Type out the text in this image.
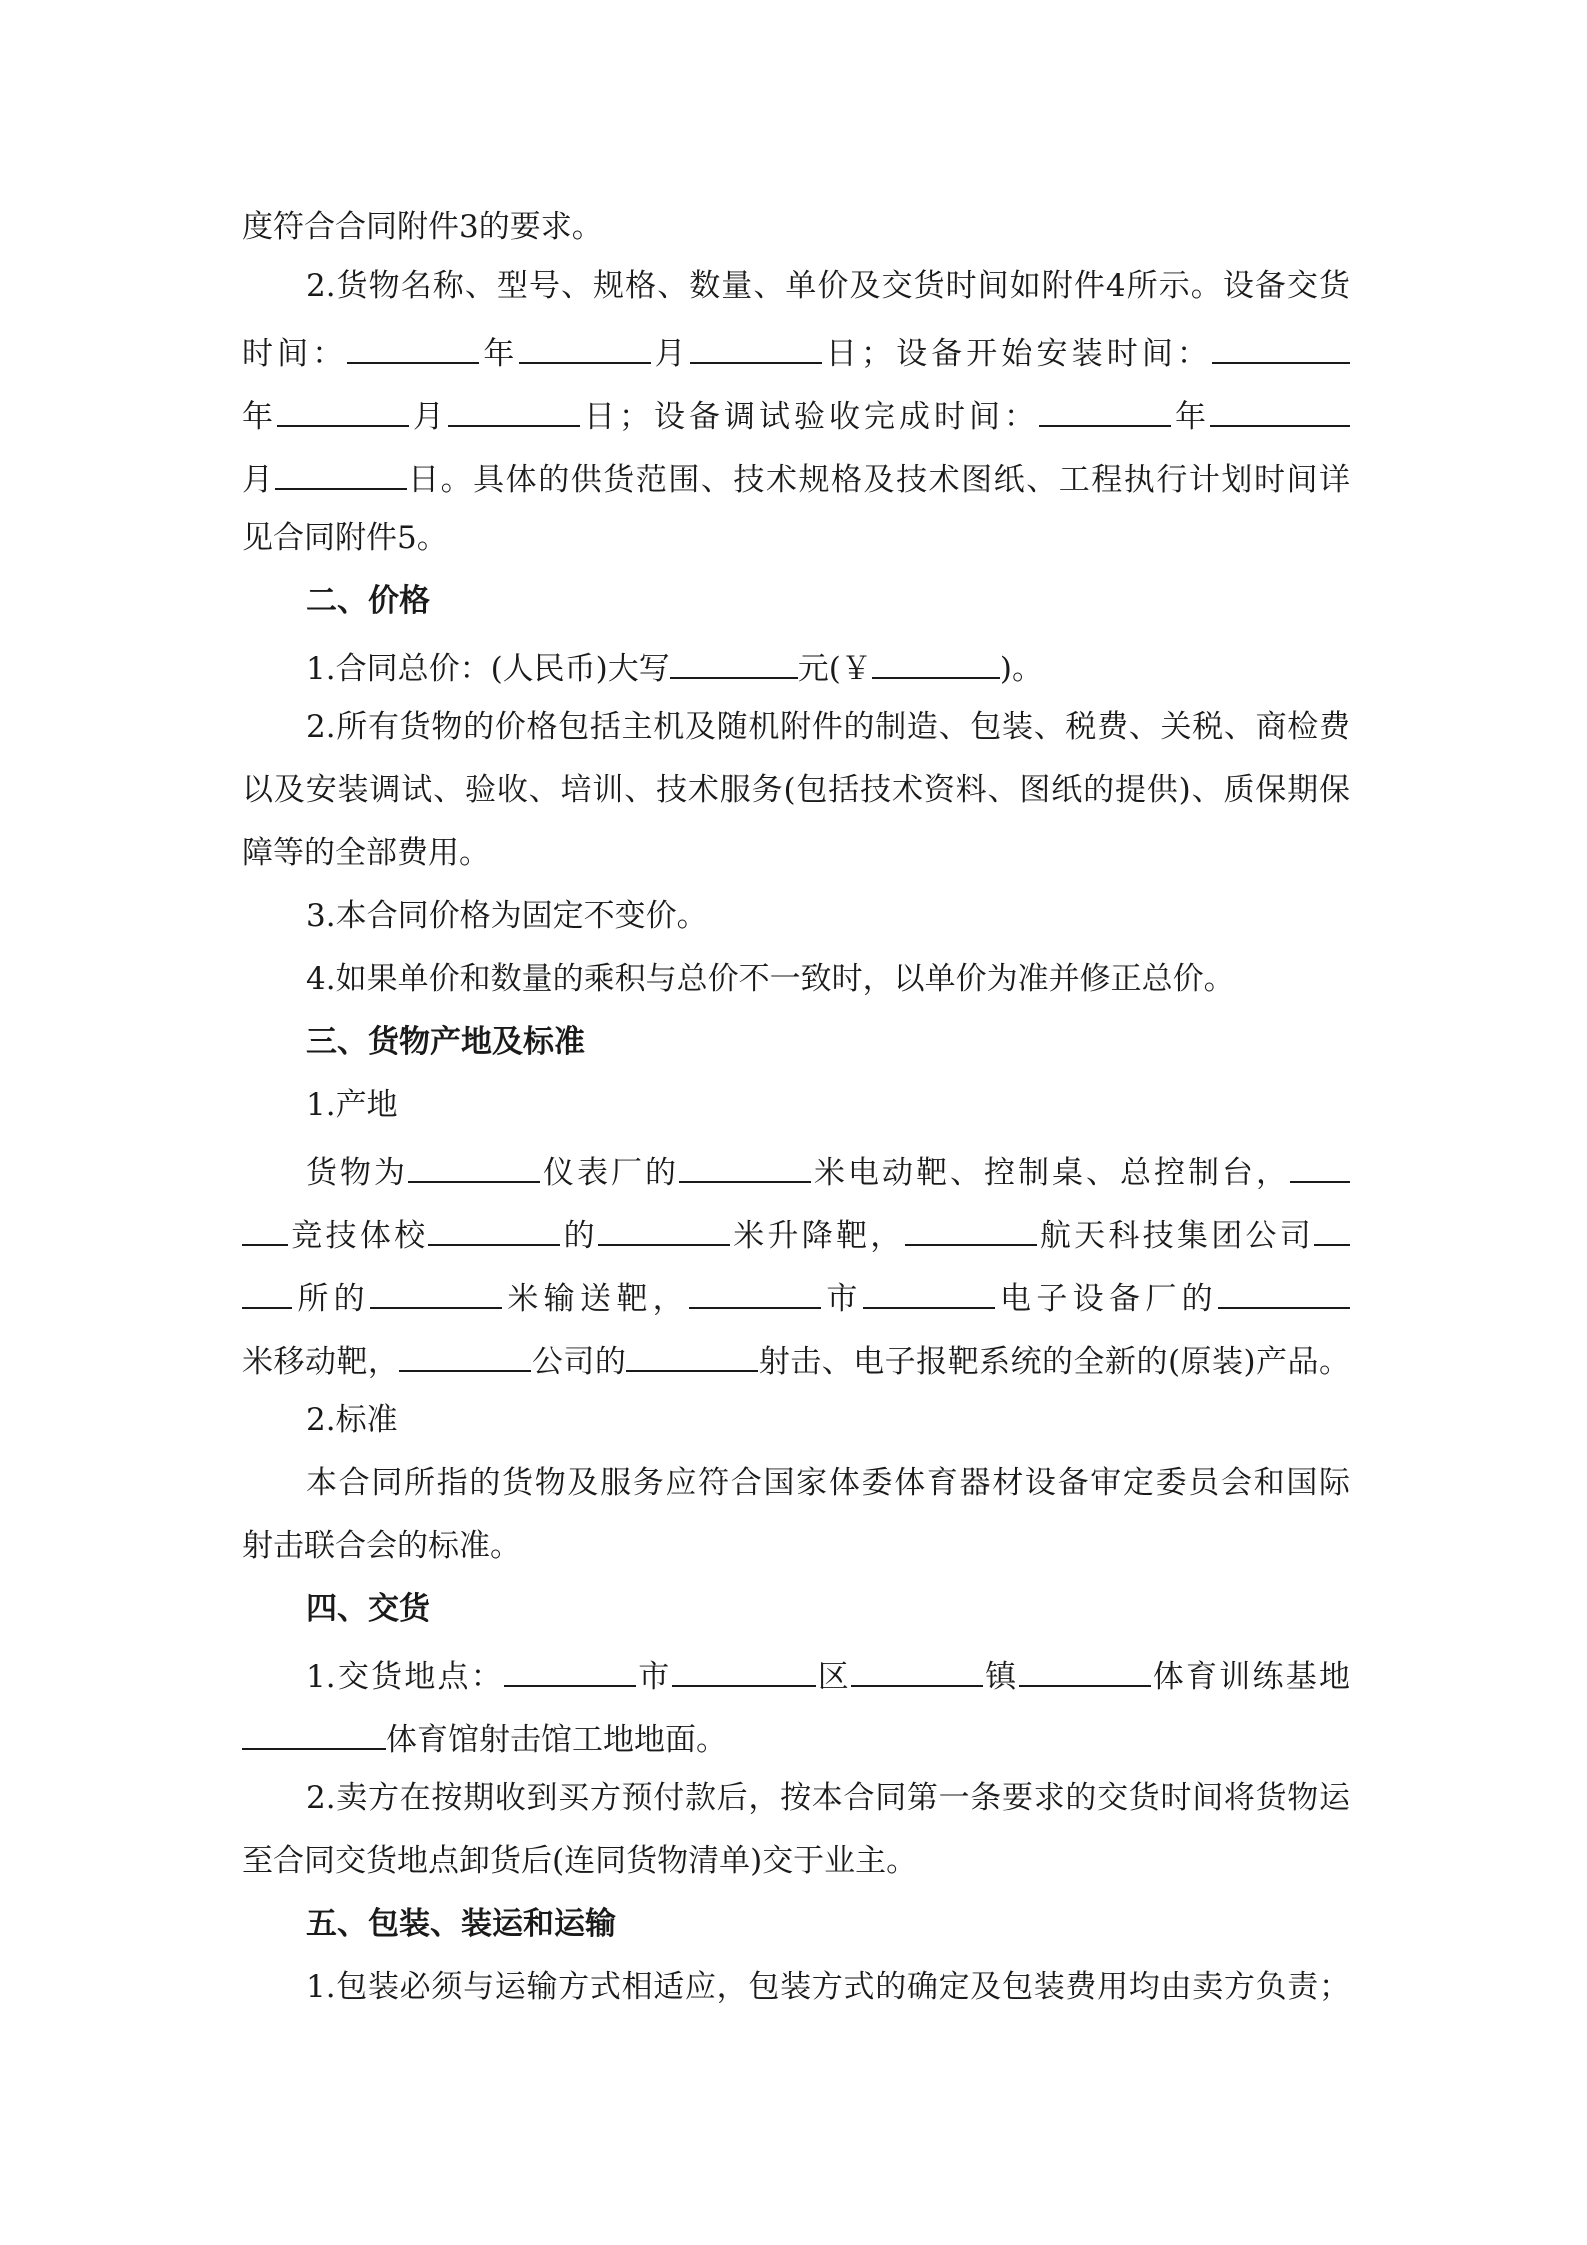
度符合合同附件3的要求。
2.货物名称、型号、规格、数量、单价及交货时间如附件4所示。设备交货
时间：	年	月	日；设备开始安装时间：
年	月	日；设备调试验收完成时间：	年
月	日。具体的供货范围、技术规格及技术图纸、工程执行计划时间详
见合同附件5。
二、价格
1.合同总价：(人民币)大写	元(￥	)。
2.所有货物的价格包括主机及随机附件的制造、包装、税费、关税、商检费
以及安装调试、验收、培训、技术服务(包括技术资料、图纸的提供)、质保期保
障等的全部费用。
3.本合同价格为固定不变价。
4.如果单价和数量的乘积与总价不一致时，以单价为准并修正总价。
三、货物产地及标准
1.产地
货物为	仪表厂的	米电动靶、控制桌、总控制台，
竞技体校	的	米升降靶，	航天科技集团公司
所的	米输送靶，	市	电子设备厂的
米移动靶，	公司的	射击、电子报靶系统的全新的(原装)产品。
2.标准
本合同所指的货物及服务应符合国家体委体育器材设备审定委员会和国际
射击联合会的标准。
四、交货
1.交货地点：	市	区	镇	体育训练基地
体育馆射击馆工地地面。
2.卖方在按期收到买方预付款后，按本合同第一条要求的交货时间将货物运
至合同交货地点卸货后(连同货物清单)交于业主。
五、包装、装运和运输
1.包装必须与运输方式相适应，包装方式的确定及包装费用均由卖方负责；
